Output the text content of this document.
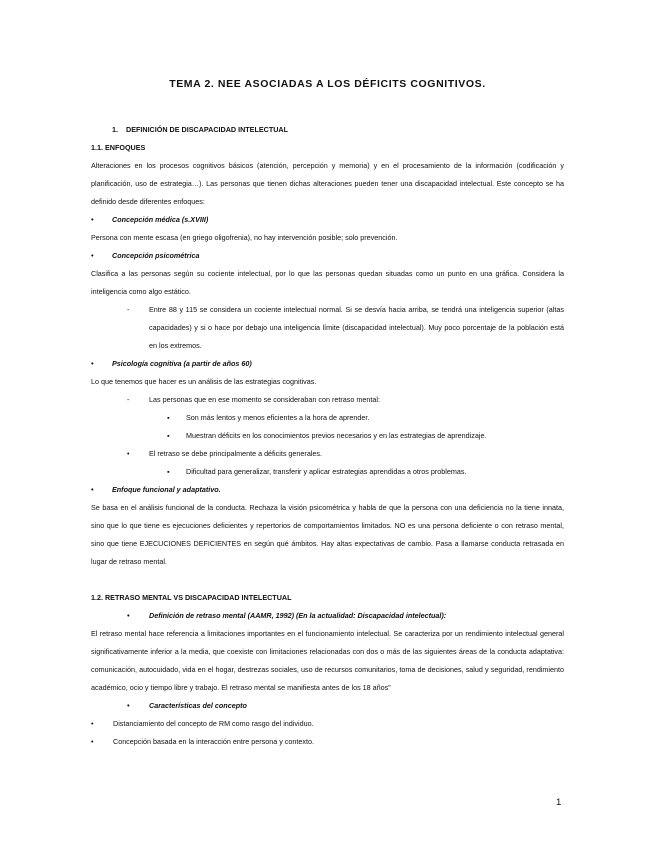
TEMA 2. NEE ASOCIADAS A LOS DÉFICITS COGNITIVOS.
1.	DEFINICIÓN DE DISCAPACIDAD INTELECTUAL

1.1. ENFOQUES

Alteraciones en los procesos cognitivos básicos (atención, percepción y memoria) y en el procesamiento de la información (codificación y planificación, uso de estrategia…). Las personas que tienen dichas alteraciones pueden tener una discapacidad intelectual. Este concepto se ha definido desde diferentes enfoques:

•	Concepción médica (s.XVIII)

Persona con mente escasa (en griego oligofrenia), no hay intervención posible; solo prevención.

•	Concepción psicométrica

Clasifica a las personas según su cociente intelectual, por lo que las personas quedan situadas como un punto en una gráfica. Considera la inteligencia como algo estático.

-	Entre 88 y 115 se considera un cociente intelectual normal. Si se desvía hacia arriba, se tendrá una inteligencia superior (altas capacidades) y si o hace por debajo una inteligencia límite (discapacidad intelectual). Muy poco porcentaje de la población está en los extremos.
•	Psicología cognitiva (a partir de años 60)

Lo que tenemos que hacer es un análisis de las estrategias cognitivas.

-	Las personas que en ese momento se consideraban con retraso mental:
▪	Son más lentos y menos eficientes a la hora de aprender.
▪	Muestran déficits en los conocimientos previos necesarios y en las estrategias de aprendizaje.
•	El retraso se debe principalmente a déficits generales.
▪	Dificultad para generalizar, transferir y aplicar estrategias aprendidas a otros problemas.
•	Enfoque funcional y adaptativo.

Se basa en el análisis funcional de la conducta. Rechaza la visión psicométrica y habla de que la persona con una deficiencia no la tiene innata, sino que lo que tiene es ejecuciones deficientes y repertorios de comportamientos limitados. NO es una persona deficiente o con retraso mental, sino que tiene EJECUCIONES DEFICIENTES en según qué ámbitos. Hay altas expectativas de cambio. Pasa a llamarse conducta retrasada en lugar de retraso mental.

1.2. RETRASO MENTAL VS DISCAPACIDAD INTELECTUAL

•	Definición de retraso mental (AAMR, 1992) (En la actualidad: Discapacidad intelectual):

El retraso mental hace referencia a limitaciones importantes en el funcionamiento intelectual. Se caracteriza por un rendimiento intelectual general significativamente inferior a la media, que coexiste con limitaciones relacionadas con dos o más de las siguientes áreas de la conducta adaptativa: comunicación, autocuidado, vida en el hogar, destrezas sociales, uso de recursos comunitarios, toma de decisiones, salud y seguridad, rendimiento académico, ocio y tiempo libre y trabajo. El retraso mental se manifiesta antes de los 18 años”

•	Características del concepto
•	Distanciamiento del concepto de RM como rasgo del individuo.
•	Concepción basada en la interacción entre persona y contexto.
1
